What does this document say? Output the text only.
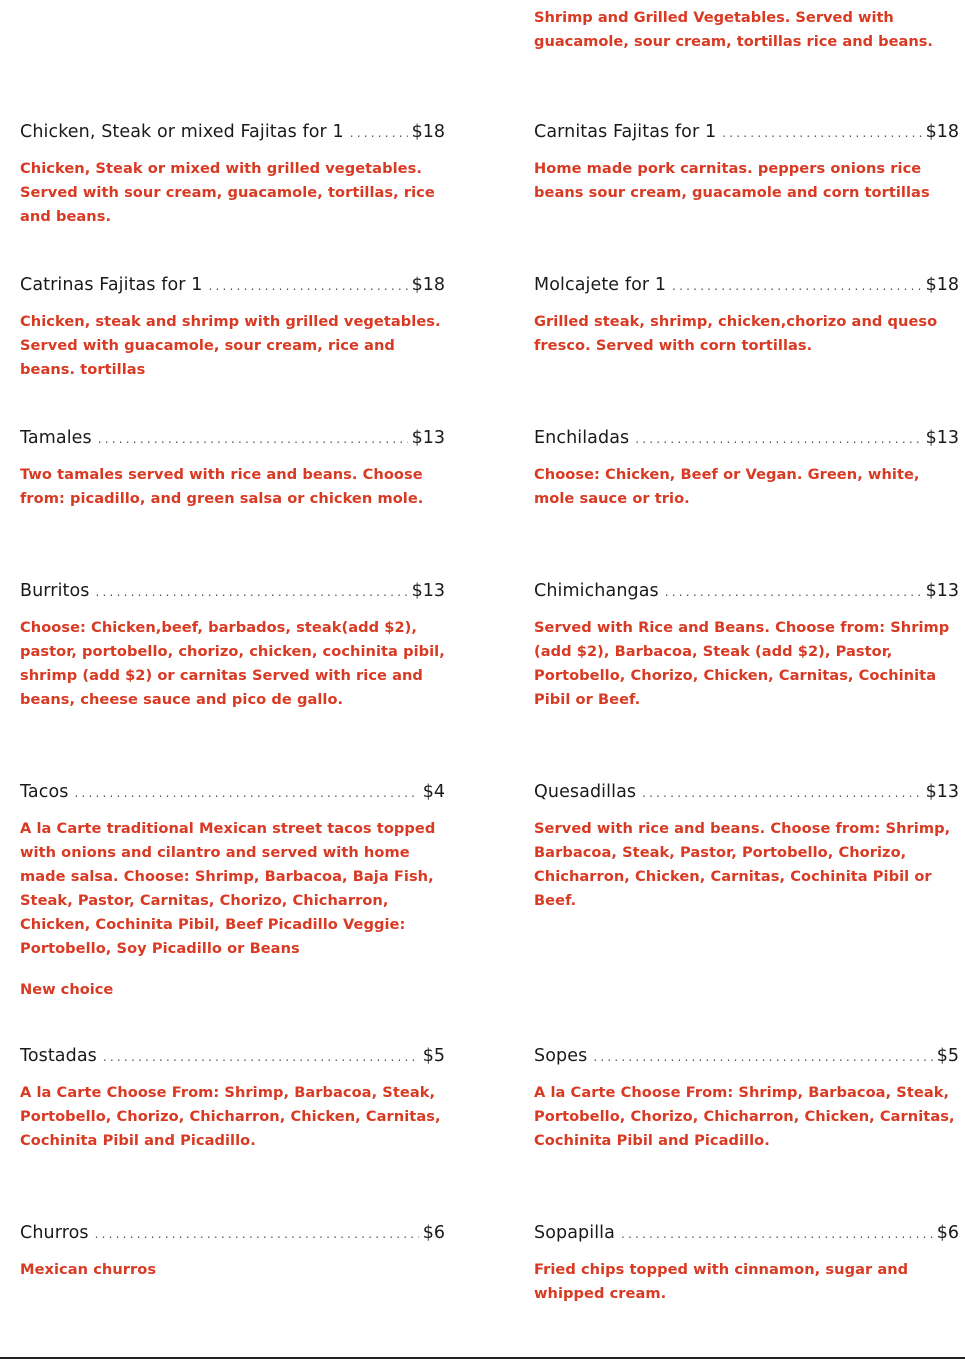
Shrimp and Grilled Vegetables. Served with guacamole, sour cream, tortillas rice and beans.
Chicken, Steak or mixed Fajitas for 1 .....	$18
Chicken, Steak or mixed with grilled vegetables. Served with sour cream, guacamole, tortillas, rice and beans.
Catrinas Fajitas for 1 .....	$18
Chicken, steak and shrimp with grilled vegetables. Served with guacamole, sour cream, rice and beans. tortillas
Tamales .....	$13
Two tamales served with rice and beans. Choose from: picadillo, and green salsa or chicken mole.
Burritos .....	$13
Choose: Chicken,beef, barbados, steak(add $2), pastor, portobello, chorizo, chicken, cochinita pibil, shrimp (add $2) or carnitas Served with rice and beans, cheese sauce and pico de gallo.
Tacos .....	$4
A la Carte traditional Mexican street tacos topped with onions and cilantro and served with home made salsa. Choose: Shrimp, Barbacoa, Baja Fish, Steak, Pastor, Carnitas, Chorizo, Chicharron, Chicken, Cochinita Pibil, Beef Picadillo Veggie: Portobello, Soy Picadillo or Beans
New choice
Tostadas .....	$5
A la Carte Choose From: Shrimp, Barbacoa, Steak, Portobello, Chorizo, Chicharron, Chicken, Carnitas, Cochinita Pibil and Picadillo.
Churros .....	$6
Mexican churros
Carnitas Fajitas for 1 .....	$18
Home made pork carnitas. peppers onions rice beans sour cream, guacamole and corn tortillas
Molcajete for 1 .....	$18
Grilled steak, shrimp, chicken,chorizo and queso fresco. Served with corn tortillas.
Enchiladas .....	$13
Choose: Chicken, Beef or Vegan. Green, white, mole sauce or trio.
Chimichangas .....	$13
Served with Rice and Beans. Choose from: Shrimp (add $2), Barbacoa, Steak (add $2), Pastor, Portobello, Chorizo, Chicken, Carnitas, Cochinita Pibil or Beef.
Quesadillas .....	$13
Served with rice and beans. Choose from: Shrimp, Barbacoa, Steak, Pastor, Portobello, Chorizo, Chicharron, Chicken, Carnitas, Cochinita Pibil or Beef.
Sopes .....	$5
A la Carte Choose From: Shrimp, Barbacoa, Steak, Portobello, Chorizo, Chicharron, Chicken, Carnitas, Cochinita Pibil and Picadillo.
Sopapilla .....	$6
Fried chips topped with cinnamon, sugar and whipped cream.
